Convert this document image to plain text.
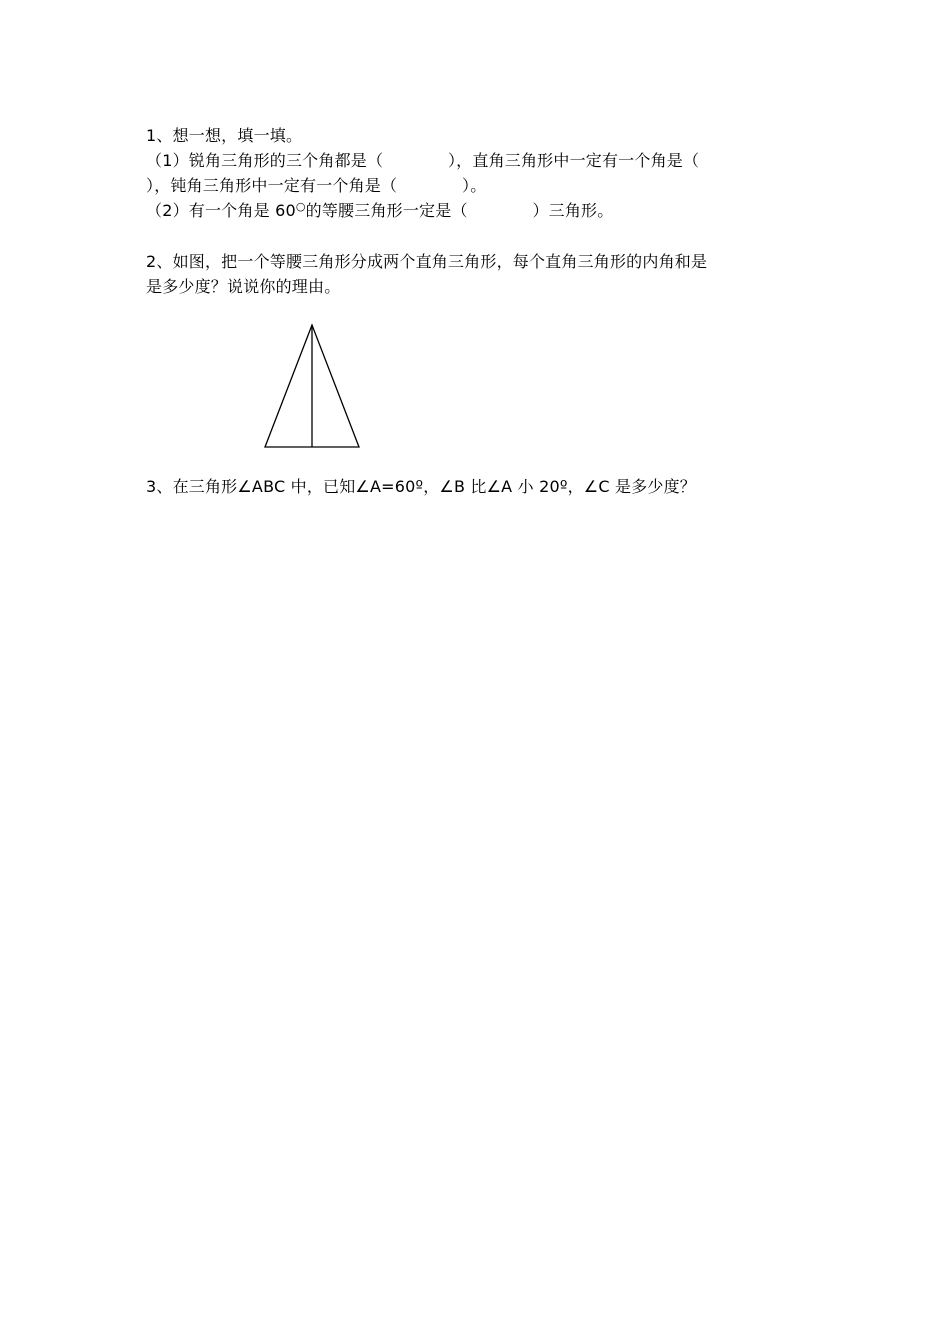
1、想一想，填一填。
（1）锐角三角形的三个角都是（　　　　），直角三角形中一定有一个角是（
），钝角三角形中一定有一个角是（　　　　）。
（2）有一个角是 60○的等腰三角形一定是（　　　　）三角形。
2、如图，把一个等腰三角形分成两个直角三角形，每个直角三角形的内角和是
是多少度？说说你的理由。
3、在三角形∠ABC 中，已知∠A=60º，∠B 比∠A 小 20º，∠C 是多少度？
